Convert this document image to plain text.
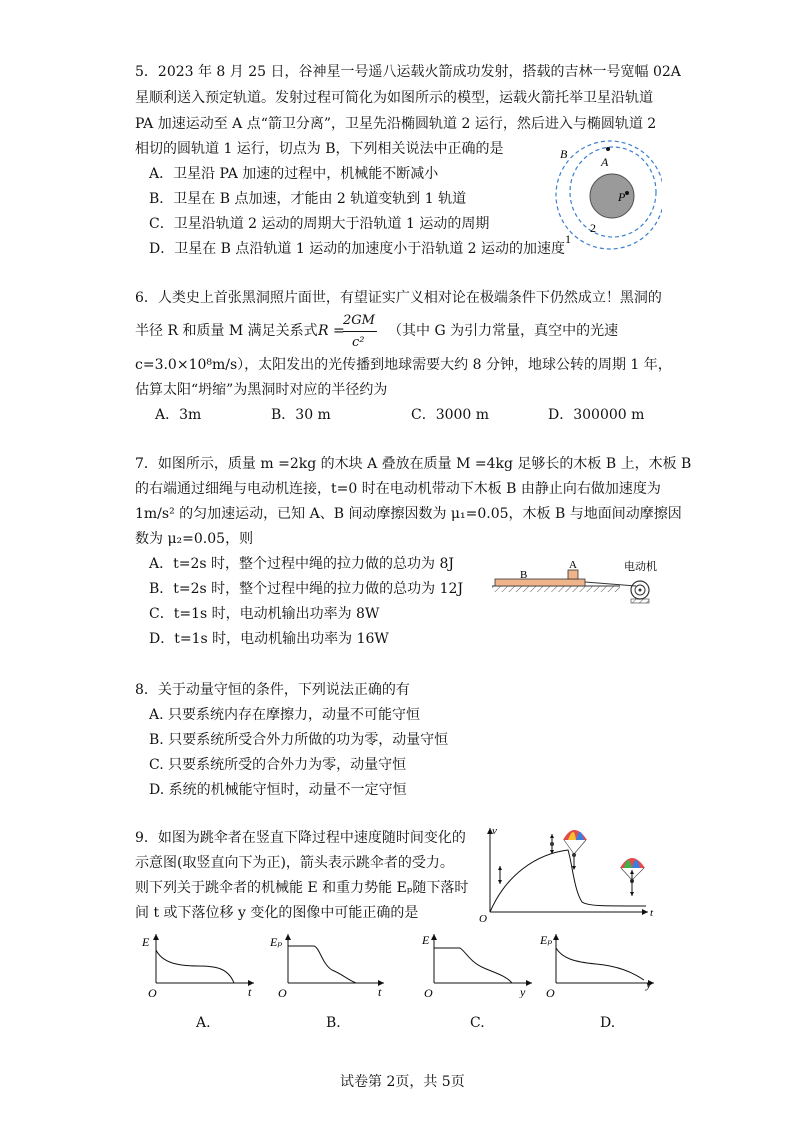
5．2023 年 8 月 25 日，谷神星一号遥八运载火箭成功发射，搭载的吉林一号宽幅 02A
星顺利送入预定轨道。发射过程可简化为如图所示的模型，运载火箭托举卫星沿轨道
PA 加速运动至 A 点“箭卫分离”，卫星先沿椭圆轨道 2 运行，然后进入与椭圆轨道 2
相切的圆轨道 1 运行，切点为 B，下列相关说法中正确的是
A．卫星沿 PA 加速的过程中，机械能不断减小
B．卫星在 B 点加速，才能由 2 轨道变轨到 1 轨道
C．卫星沿轨道 2 运动的周期大于沿轨道 1 运动的周期
D．卫星在 B 点沿轨道 1 运动的加速度小于沿轨道 2 运动的加速度
B
A
P
2
1
6．人类史上首张黑洞照片面世，有望证实广义相对论在极端条件下仍然成立！黑洞的
半径 R 和质量 M 满足关系式 R =
2GM
c²
（其中 G 为引力常量，真空中的光速
c=3.0×10⁸m/s），太阳发出的光传播到地球需要大约 8 分钟，地球公转的周期 1 年，
估算太阳“坍缩”为黑洞时对应的半径约为
A．3m	B．30 m	C．3000 m	D．300000 m
7．如图所示，质量 m =2kg 的木块 A 叠放在质量 M =4kg 足够长的木板 B 上，木板 B
的右端通过细绳与电动机连接，t=0 时在电动机带动下木板 B 由静止向右做加速度为
1m/s² 的匀加速运动，已知 A、B 间动摩擦因数为 μ₁=0.05，木板 B 与地面间动摩擦因
数为 μ₂=0.05，则
A．t=2s 时，整个过程中绳的拉力做的总功为 8J
B．t=2s 时，整个过程中绳的拉力做的总功为 12J
C．t=1s 时，电动机输出功率为 8W
D．t=1s 时，电动机输出功率为 16W
B
A	电动机
8．关于动量守恒的条件，下列说法正确的有
A. 只要系统内存在摩擦力，动量不可能守恒
B. 只要系统所受合外力所做的功为零，动量守恒
C. 只要系统所受的合外力为零，动量守恒
D. 系统的机械能守恒时，动量不一定守恒
9．如图为跳伞者在竖直下降过程中速度随时间变化的
示意图(取竖直向下为正)，箭头表示跳伞者的受力。
则下列关于跳伞者的机械能 E 和重力势能 Eₚ随下落时
间 t 或下落位移 y 变化的图像中可能正确的是
v
t
O
E
t
O
Eₚ
t
O
E
y
O
Eₚ
y
O
A.	B.	C.	D.
试卷第 2页，共 5页
